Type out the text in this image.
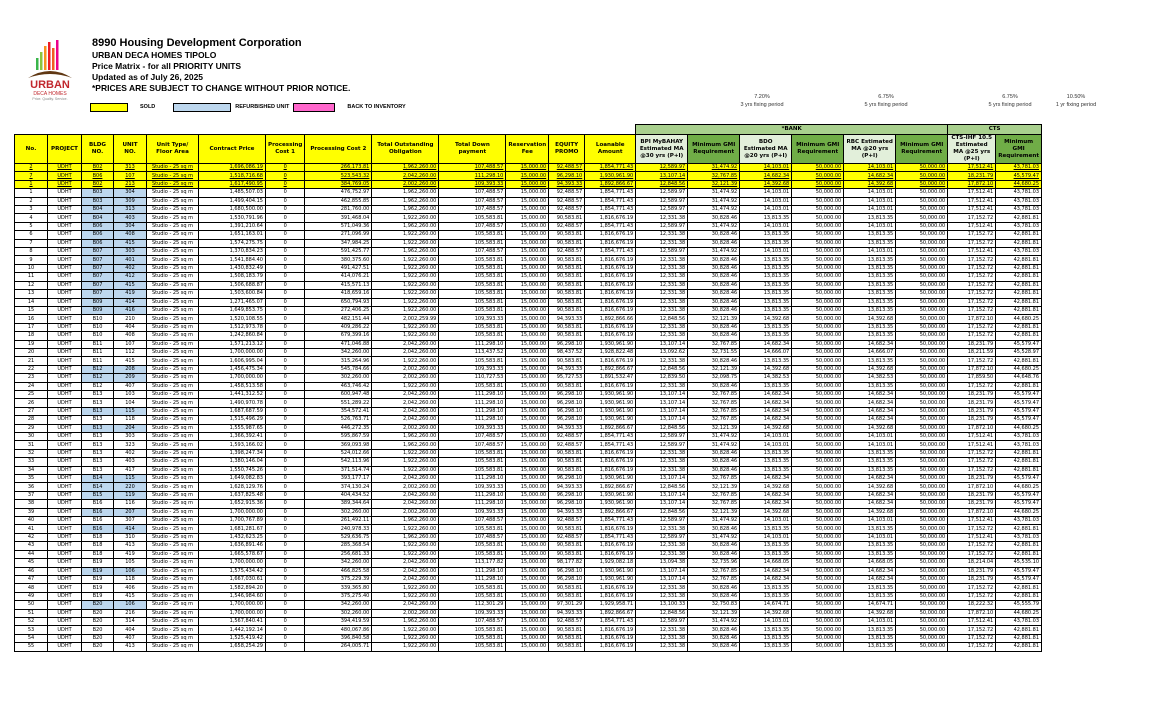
URBAN
DECA HOMES
Price. Quality. Service.
8990 Housing Development Corporation
URBAN DECA HOMES TIPOLO
Price Matrix - for all PRIORITY UNITS
Updated as of July 26, 2025
*PRICES ARE SUBJECT TO CHANGE WITHOUT PRIOR NOTICE.
SOLD	REFURBISHED UNIT	BACK TO INVENTORY
7.20%
3 yrs fixing period
6.75%
5 yrs fixing period
6.75%
5 yrs fixing period
10.50%
1 yr fixing period
													*BANK						CTS	
No.	PROJECT	BLDG NO.	UNIT NO.	Unit Type/ Floor Area	Contract Price	Processing Cost 1	Processing Cost 2	Total Outstanding Obligation	Total Down payment	Reservation Fee	EQUITY PROMO	Loanable Amount	BPI MyBAHAY Estimated MA @30 yrs (P+I)	Minimum GMI Requirement	BDO Estimated MA @20 yrs (P+I)	Minimum GMI Requirement	RBC Estimated MA @20 yrs (P+I)	Minimum GMI Requirement	CTS-IHF 10.5 Estimated MA @25 yrs (P+I)	Minimum GMI Requirement
2	UDHT	B02	313	Studio - 25 sq m	1,696,086.19	0	266,173.81	1,962,260.00	107,488.57	15,000.00	92,488.57	1,854,771.43	12,589.97	31,474.92	14,103.01	50,000.00	14,103.01	50,000.00	17,512.41	43,781.03
7	UDHT	B06	107	Studio - 25 sq m	1,518,716.68	0	523,543.32	2,042,260.00	111,298.10	15,000.00	96,298.10	1,930,961.90	13,107.14	32,767.85	14,682.34	50,000.00	14,682.34	50,000.00	18,231.79	45,579.47
1	UDHT	B02	213	Studio - 25 sq m	1,617,490.95	0	384,769.05	2,002,260.00	109,393.33	15,000.00	94,393.33	1,892,866.67	12,848.56	32,121.39	14,392.68	50,000.00	14,392.68	50,000.00	17,872.10	44,680.25
1	UDHT	B03	304	Studio - 25 sq m	1,485,507.03	0	476,752.97	1,962,260.00	107,488.57	15,000.00	92,488.57	1,854,771.43	12,589.97	31,474.92	14,103.01	50,000.00	14,103.01	50,000.00	17,512.41	43,781.03
2	UDHT	B03	309	Studio - 25 sq m	1,499,404.15	0	462,855.85	1,962,260.00	107,488.57	15,000.00	92,488.57	1,854,771.43	12,589.97	31,474.92	14,103.01	50,000.00	14,103.01	50,000.00	17,512.41	43,781.03
3	UDHT	B04	313	Studio - 25 sq m	1,680,500.00	0	281,760.00	1,962,260.00	107,488.57	15,000.00	92,488.57	1,854,771.43	12,589.97	31,474.92	14,103.01	50,000.00	14,103.01	50,000.00	17,512.41	43,781.03
4	UDHT	B04	403	Studio - 25 sq m	1,530,791.96	0	391,468.04	1,922,260.00	105,583.81	15,000.00	90,583.81	1,816,676.19	12,331.38	30,828.46	13,813.35	50,000.00	13,813.35	50,000.00	17,152.72	42,881.81
5	UDHT	B06	304	Studio - 25 sq m	1,391,210.64	0	571,049.36	1,962,260.00	107,488.57	15,000.00	92,488.57	1,854,771.43	12,589.97	31,474.92	14,103.01	50,000.00	14,103.01	50,000.00	17,512.41	43,781.03
6	UDHT	B06	408	Studio - 25 sq m	1,651,163.01	0	271,096.99	1,922,260.00	105,583.81	15,000.00	90,583.81	1,816,676.19	12,331.38	30,828.46	13,813.35	50,000.00	13,813.35	50,000.00	17,152.72	42,881.81
7	UDHT	B06	415	Studio - 25 sq m	1,574,275.75	0	347,984.25	1,922,260.00	105,583.81	15,000.00	90,583.81	1,816,676.19	12,331.38	30,828.46	13,813.35	50,000.00	13,813.35	50,000.00	17,152.72	42,881.81
8	UDHT	B07	303	Studio - 25 sq m	1,370,834.23	0	591,425.77	1,962,260.00	107,488.57	15,000.00	92,488.57	1,854,771.43	12,589.97	31,474.92	14,103.01	50,000.00	14,103.01	50,000.00	17,512.41	43,781.03
9	UDHT	B07	401	Studio - 25 sq m	1,541,884.40	0	380,375.60	1,922,260.00	105,583.81	15,000.00	90,583.81	1,816,676.19	12,331.38	30,828.46	13,813.35	50,000.00	13,813.35	50,000.00	17,152.72	42,881.81
10	UDHT	B07	402	Studio - 25 sq m	1,430,832.49	0	491,427.51	1,922,260.00	105,583.81	15,000.00	90,583.81	1,816,676.19	12,331.38	30,828.46	13,813.35	50,000.00	13,813.35	50,000.00	17,152.72	42,881.81
11	UDHT	B07	412	Studio - 25 sq m	1,508,183.79	0	414,076.21	1,922,260.00	105,583.81	15,000.00	90,583.81	1,816,676.19	12,331.38	30,828.46	13,813.35	50,000.00	13,813.35	50,000.00	17,152.72	42,881.81
12	UDHT	B07	415	Studio - 25 sq m	1,506,688.87	0	415,571.13	1,922,260.00	105,583.81	15,000.00	90,583.81	1,816,676.19	12,331.38	30,828.46	13,813.35	50,000.00	13,813.35	50,000.00	17,152.72	42,881.81
13	UDHT	B07	419	Studio - 25 sq m	1,503,600.84	0	418,659.16	1,922,260.00	105,583.81	15,000.00	90,583.81	1,816,676.19	12,331.38	30,828.46	13,813.35	50,000.00	13,813.35	50,000.00	17,152.72	42,881.81
14	UDHT	B09	414	Studio - 25 sq m	1,271,465.07	0	650,794.93	1,922,260.00	105,583.81	15,000.00	90,583.81	1,816,676.19	12,331.38	30,828.46	13,813.35	50,000.00	13,813.35	50,000.00	17,152.72	42,881.81
15	UDHT	B09	416	Studio - 25 sq m	1,649,853.75	0	272,406.25	1,922,260.00	105,583.81	15,000.00	90,583.81	1,816,676.19	12,331.38	30,828.46	13,813.35	50,000.00	13,813.35	50,000.00	17,152.72	42,881.81
16	UDHT	B10	210	Studio - 25 sq m	1,520,108.55	0	482,151.44	2,002,259.99	109,393.33	15,000.00	94,393.33	1,892,866.66	12,848.56	32,121.39	14,392.68	50,000.00	14,392.68	50,000.00	17,872.10	44,680.25
17	UDHT	B10	404	Studio - 25 sq m	1,512,973.78	0	409,286.22	1,922,260.00	105,583.81	15,000.00	90,583.81	1,816,676.19	12,331.38	30,828.46	13,813.35	50,000.00	13,813.35	50,000.00	17,152.72	42,881.81
18	UDHT	B10	408	Studio - 25 sq m	1,242,860.84	0	679,399.16	1,922,260.00	105,583.81	15,000.00	90,583.81	1,816,676.19	12,331.38	30,828.46	13,813.35	50,000.00	13,813.35	50,000.00	17,152.72	42,881.81
19	UDHT	B11	107	Studio - 25 sq m	1,571,213.12	0	471,046.88	2,042,260.00	111,298.10	15,000.00	96,298.10	1,930,961.90	13,107.14	32,767.85	14,682.34	50,000.00	14,682.34	50,000.00	18,231.79	45,579.47
20	UDHT	B11	112	Studio - 25 sq m	1,700,000.00	0	342,260.00	2,042,260.00	113,437.52	15,000.00	98,437.52	1,928,822.48	13,092.62	32,731.55	14,666.07	50,000.00	14,666.07	50,000.00	18,211.59	45,528.97
21	UDHT	B11	415	Studio - 25 sq m	1,606,995.04	0	315,264.96	1,922,260.00	105,583.81	15,000.00	90,583.81	1,816,676.19	12,331.38	30,828.46	13,813.35	50,000.00	13,813.35	50,000.00	17,152.72	42,881.81
22	UDHT	B12	208	Studio - 25 sq m	1,456,475.34	0	545,784.66	2,002,260.00	109,393.33	15,000.00	94,393.33	1,892,866.67	12,848.56	32,121.39	14,392.68	50,000.00	14,392.68	50,000.00	17,872.10	44,680.25
23	UDHT	B12	209	Studio - 25 sq m	1,700,000.00	0	302,260.00	2,002,260.00	110,727.53	15,000.00	95,727.53	1,891,532.47	12,839.50	32,098.75	14,382.53	50,000.00	14,382.53	50,000.00	17,859.50	44,648.76
24	UDHT	B12	407	Studio - 25 sq m	1,458,513.58	0	463,746.42	1,922,260.00	105,583.81	15,000.00	90,583.81	1,816,676.19	12,331.38	30,828.46	13,813.35	50,000.00	13,813.35	50,000.00	17,152.72	42,881.81
25	UDHT	B13	103	Studio - 25 sq m	1,441,312.52	0	600,947.48	2,042,260.00	111,298.10	15,000.00	96,298.10	1,930,961.90	13,107.14	32,767.85	14,682.34	50,000.00	14,682.34	50,000.00	18,231.79	45,579.47
26	UDHT	B13	104	Studio - 25 sq m	1,490,970.78	0	551,289.22	2,042,260.00	111,298.10	15,000.00	96,298.10	1,930,961.90	13,107.14	32,767.85	14,682.34	50,000.00	14,682.34	50,000.00	18,231.79	45,579.47
27	UDHT	B13	115	Studio - 25 sq m	1,687,687.59	0	354,572.41	2,042,260.00	111,298.10	15,000.00	96,298.10	1,930,961.90	13,107.14	32,767.85	14,682.34	50,000.00	14,682.34	50,000.00	18,231.79	45,579.47
28	UDHT	B13	118	Studio - 25 sq m	1,515,496.29	0	526,763.71	2,042,260.00	111,298.10	15,000.00	96,298.10	1,930,961.90	13,107.14	32,767.85	14,682.34	50,000.00	14,682.34	50,000.00	18,231.79	45,579.47
29	UDHT	B13	204	Studio - 25 sq m	1,555,987.65	0	446,272.35	2,002,260.00	109,393.33	15,000.00	94,393.33	1,892,866.67	12,848.56	32,121.39	14,392.68	50,000.00	14,392.68	50,000.00	17,872.10	44,680.25
30	UDHT	B13	303	Studio - 25 sq m	1,366,392.41	0	595,867.59	1,962,260.00	107,488.57	15,000.00	92,488.57	1,854,771.43	12,589.97	31,474.92	14,103.01	50,000.00	14,103.01	50,000.00	17,512.41	43,781.03
31	UDHT	B13	323	Studio - 25 sq m	1,593,166.02	0	369,093.98	1,962,260.00	107,488.57	15,000.00	92,488.57	1,854,771.43	12,589.97	31,474.92	14,103.01	50,000.00	14,103.01	50,000.00	17,512.41	43,781.03
32	UDHT	B13	402	Studio - 25 sq m	1,398,247.34	0	524,012.66	1,922,260.00	105,583.81	15,000.00	90,583.81	1,816,676.19	12,331.38	30,828.46	13,813.35	50,000.00	13,813.35	50,000.00	17,152.72	42,881.81
33	UDHT	B13	403	Studio - 25 sq m	1,380,146.04	0	542,113.96	1,922,260.00	105,583.81	15,000.00	90,583.81	1,816,676.19	12,331.38	30,828.46	13,813.35	50,000.00	13,813.35	50,000.00	17,152.72	42,881.81
34	UDHT	B13	417	Studio - 25 sq m	1,550,745.26	0	371,514.74	1,922,260.00	105,583.81	15,000.00	90,583.81	1,816,676.19	12,331.38	30,828.46	13,813.35	50,000.00	13,813.35	50,000.00	17,152.72	42,881.81
35	UDHT	B14	115	Studio - 25 sq m	1,649,082.83	0	393,177.17	2,042,260.00	111,298.10	15,000.00	96,298.10	1,930,961.90	13,107.14	32,767.85	14,682.34	50,000.00	14,682.34	50,000.00	18,231.79	45,579.47
36	UDHT	B14	220	Studio - 25 sq m	1,628,129.76	0	374,130.24	2,002,260.00	109,393.33	15,000.00	94,393.33	1,892,866.67	12,848.56	32,121.39	14,392.68	50,000.00	14,392.68	50,000.00	17,872.10	44,680.25
37	UDHT	B15	119	Studio - 25 sq m	1,637,825.48	0	404,434.52	2,042,260.00	111,298.10	15,000.00	96,298.10	1,930,961.90	13,107.14	32,767.85	14,682.34	50,000.00	14,682.34	50,000.00	18,231.79	45,579.47
38	UDHT	B16	116	Studio - 25 sq m	1,652,915.36	0	389,344.64	2,042,260.00	111,298.10	15,000.00	96,298.10	1,930,961.90	13,107.14	32,767.85	14,682.34	50,000.00	14,682.34	50,000.00	18,231.79	45,579.47
39	UDHT	B16	207	Studio - 25 sq m	1,700,000.00	0	302,260.00	2,002,260.00	109,393.33	15,000.00	94,393.33	1,892,866.67	12,848.56	32,121.39	14,392.68	50,000.00	14,392.68	50,000.00	17,872.10	44,680.25
40	UDHT	B16	307	Studio - 25 sq m	1,700,767.89	0	261,492.11	1,962,260.00	107,488.57	15,000.00	92,488.57	1,854,771.43	12,589.97	31,474.92	14,103.01	50,000.00	14,103.01	50,000.00	17,512.41	43,781.03
41	UDHT	B16	414	Studio - 25 sq m	1,681,281.67	0	240,978.33	1,922,260.00	105,583.81	15,000.00	90,583.81	1,816,676.19	12,331.38	30,828.46	13,813.35	50,000.00	13,813.35	50,000.00	17,152.72	42,881.81
42	UDHT	B18	310	Studio - 25 sq m	1,432,623.25	0	529,636.75	1,962,260.00	107,488.57	15,000.00	92,488.57	1,854,771.43	12,589.97	31,474.92	14,103.01	50,000.00	14,103.01	50,000.00	17,512.41	43,781.03
43	UDHT	B18	413	Studio - 25 sq m	1,636,891.46	0	285,368.54	1,922,260.00	105,583.81	15,000.00	90,583.81	1,816,676.19	12,331.38	30,828.46	13,813.35	50,000.00	13,813.35	50,000.00	17,152.72	42,881.81
44	UDHT	B18	419	Studio - 25 sq m	1,665,578.67	0	256,681.33	1,922,260.00	105,583.81	15,000.00	90,583.81	1,816,676.19	12,331.38	30,828.46	13,813.35	50,000.00	13,813.35	50,000.00	17,152.72	42,881.81
45	UDHT	B19	105	Studio - 25 sq m	1,700,000.00	0	342,260.00	2,042,260.00	113,177.82	15,000.00	98,177.82	1,929,082.18	13,094.38	32,735.96	14,668.05	50,000.00	14,668.05	50,000.00	18,214.04	45,535.10
46	UDHT	B19	106	Studio - 25 sq m	1,575,434.42	0	466,825.58	2,042,260.00	111,298.10	15,000.00	96,298.10	1,930,961.90	13,107.14	32,767.85	14,682.34	50,000.00	14,682.34	50,000.00	18,231.79	45,579.47
47	UDHT	B19	118	Studio - 25 sq m	1,667,030.61	0	375,229.39	2,042,260.00	111,298.10	15,000.00	96,298.10	1,930,961.90	13,107.14	32,767.85	14,682.34	50,000.00	14,682.34	50,000.00	18,231.79	45,579.47
48	UDHT	B19	406	Studio - 25 sq m	1,582,894.20	0	339,365.80	1,922,260.00	105,583.81	15,000.00	90,583.81	1,816,676.19	12,331.38	30,828.46	13,813.35	50,000.00	13,813.35	50,000.00	17,152.72	42,881.81
49	UDHT	B19	415	Studio - 25 sq m	1,546,984.60	0	375,275.40	1,922,260.00	105,583.81	15,000.00	90,583.81	1,816,676.19	12,331.38	30,828.46	13,813.35	50,000.00	13,813.35	50,000.00	17,152.72	42,881.81
50	UDHT	B20	106	Studio - 25 sq m	1,700,000.00	0	342,260.00	2,042,260.00	112,301.29	15,000.00	97,301.29	1,929,958.71	13,100.33	32,750.83	14,674.71	50,000.00	14,674.71	50,000.00	18,222.32	45,555.79
51	UDHT	B20	216	Studio - 25 sq m	1,700,000.00	0	302,260.00	2,002,260.00	109,393.33	15,000.00	94,393.33	1,892,866.67	12,848.56	32,121.39	14,392.68	50,000.00	14,392.68	50,000.00	17,872.10	44,680.25
52	UDHT	B20	314	Studio - 25 sq m	1,567,840.41	0	394,419.59	1,962,260.00	107,488.57	15,000.00	92,488.57	1,854,771.43	12,589.97	31,474.92	14,103.01	50,000.00	14,103.01	50,000.00	17,512.41	43,781.03
53	UDHT	B20	404	Studio - 25 sq m	1,442,192.14	0	480,067.86	1,922,260.00	105,583.81	15,000.00	90,583.81	1,816,676.19	12,331.38	30,828.46	13,813.35	50,000.00	13,813.35	50,000.00	17,152.72	42,881.81
54	UDHT	B20	407	Studio - 25 sq m	1,525,419.42	0	396,840.58	1,922,260.00	105,583.81	15,000.00	90,583.81	1,816,676.19	12,331.38	30,828.46	13,813.35	50,000.00	13,813.35	50,000.00	17,152.72	42,881.81
55	UDHT	B20	413	Studio - 25 sq m	1,658,254.29	0	264,005.71	1,922,260.00	105,583.81	15,000.00	90,583.81	1,816,676.19	12,331.38	30,828.46	13,813.35	50,000.00	13,813.35	50,000.00	17,152.72	42,881.81
